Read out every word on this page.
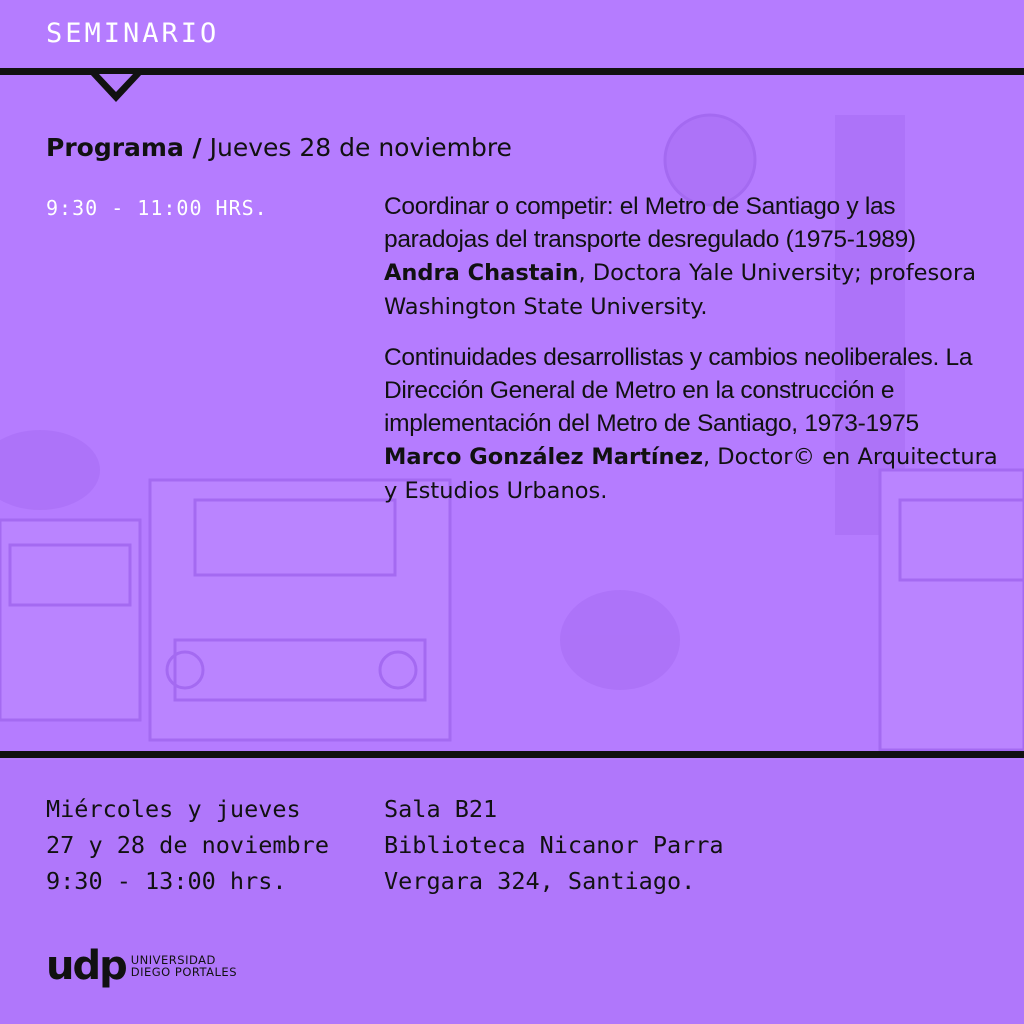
SEMINARIO
Programa / Jueves 28 de noviembre
9:30 - 11:00 HRS.	Coordinar o competir: el Metro de Santiago y las paradojas del transporte desregulado (1975-1989)
Andra Chastain, Doctora Yale University; profesora Washington State University.
Continuidades desarrollistas y cambios neoliberales. La Dirección General de Metro en la construcción e implementación del Metro de Santiago, 1973-1975
Marco González Martínez, Doctor© en Arquitectura y Estudios Urbanos.
Miércoles y jueves
27 y 28 de noviembre
9:30 - 13:00 hrs.
Sala B21
Biblioteca Nicanor Parra
Vergara 324, Santiago.
udp UNIVERSIDAD
DIEGO PORTALES
